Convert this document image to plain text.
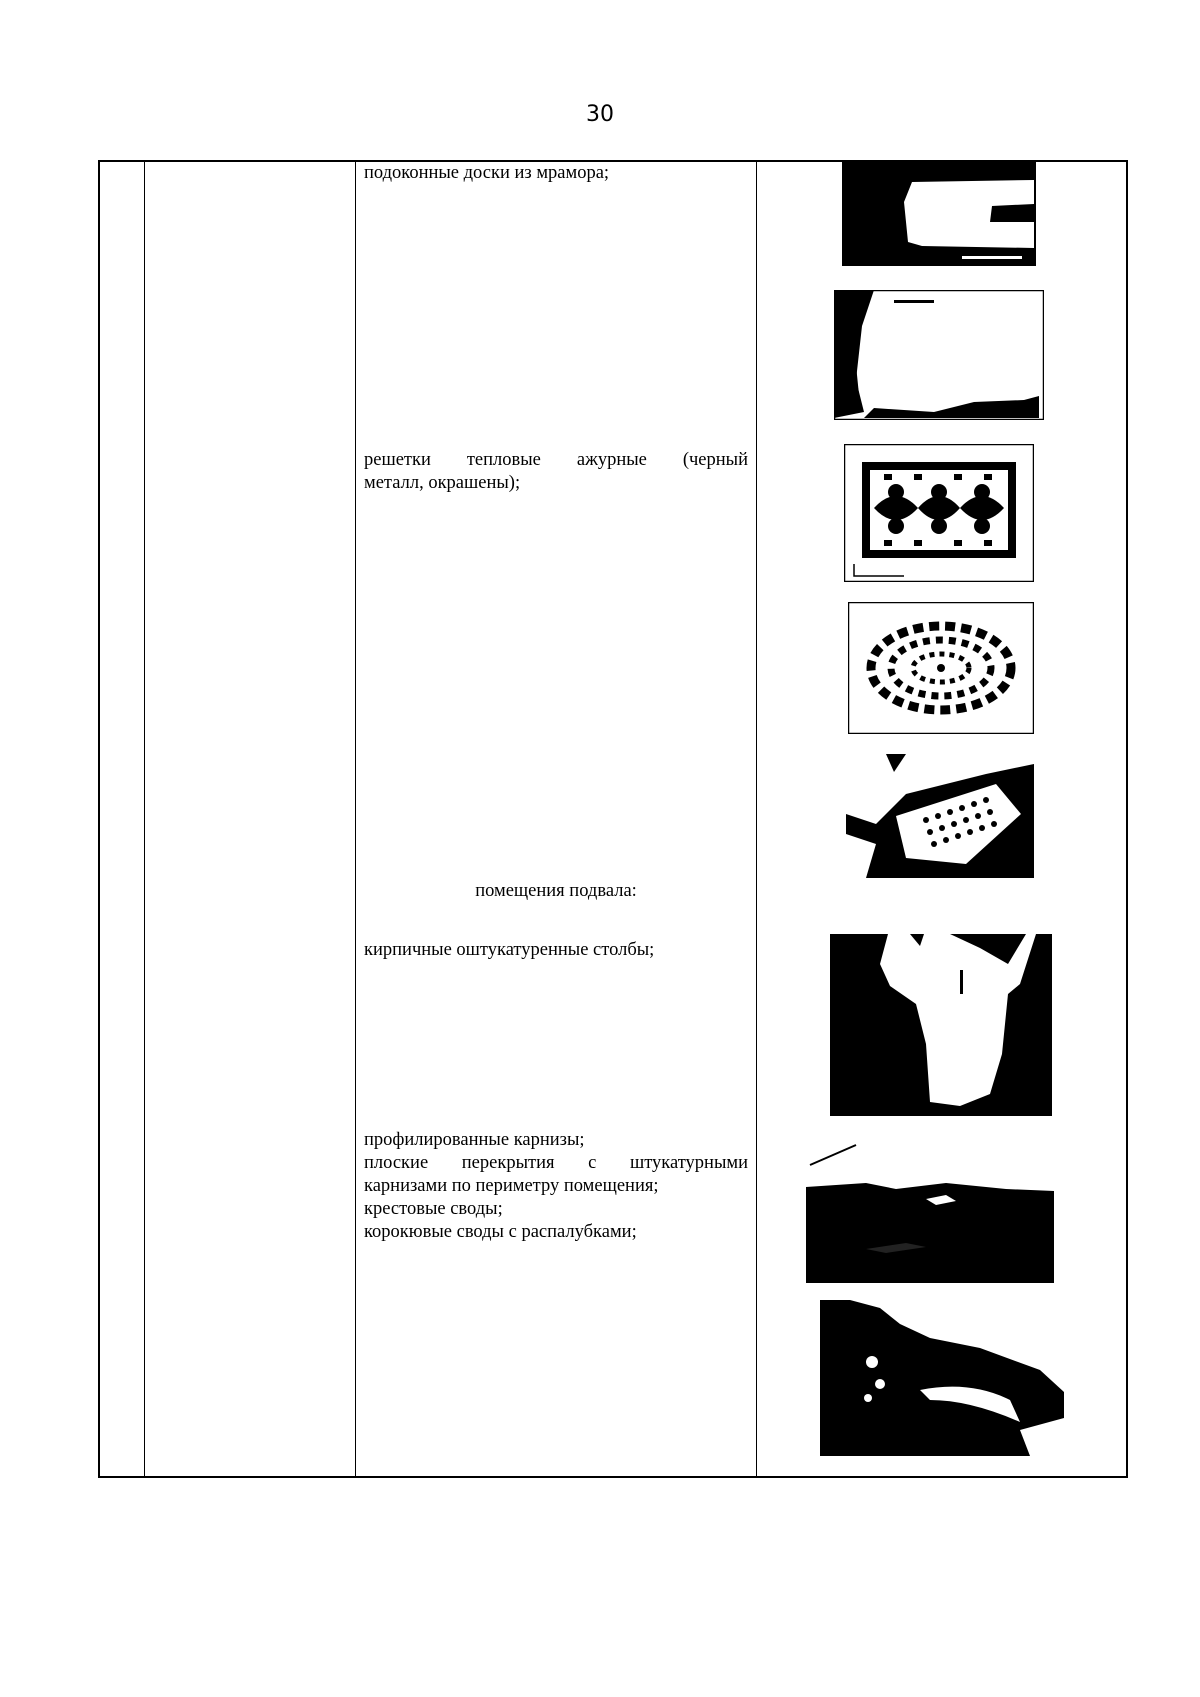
30
подоконные доски из мрамора;
решетки тепловые ажурные (черный
металл, окрашены);
помещения подвала:
кирпичные оштукатуренные столбы;
профилированные карнизы;
плоские перекрытия с штукатурными
карнизами по периметру помещения;
крестовые своды;
корокювые своды с распалубками;
